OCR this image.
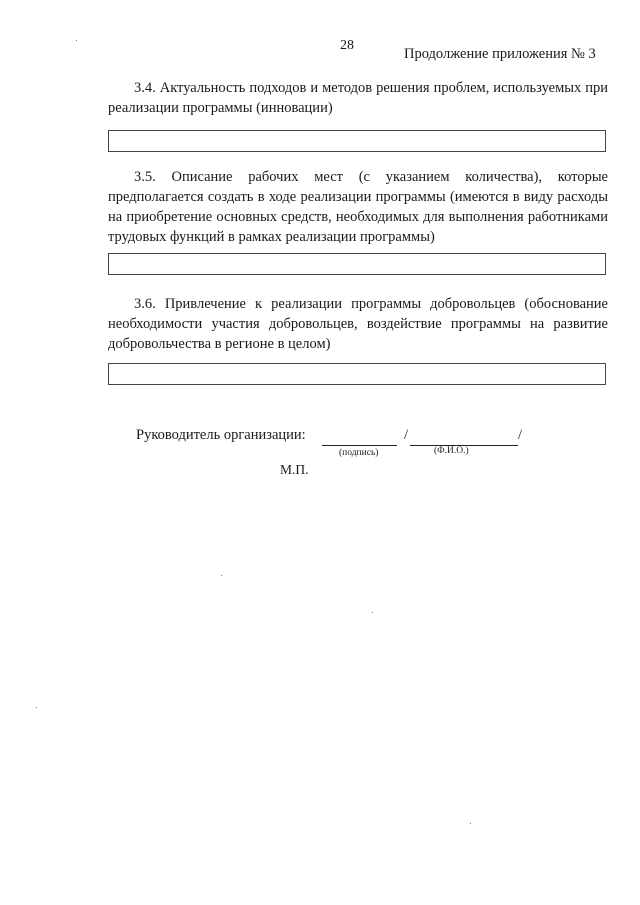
28
Продолжение приложения № 3
3.4. Актуальность подходов и методов решения проблем, используемых при реализации программы (инновации)
3.5. Описание рабочих мест (с указанием количества), которые предполагается создать в ходе реализации программы (имеются в виду расходы на приобретение основных средств, необходимых для выполнения работниками трудовых функций в рамках реализации программы)
3.6. Привлечение к реализации программы добровольцев (обоснование необходимости участия добровольцев, воздействие программы на развитие добровольчества в регионе в целом)
Руководитель организации:	/	/
(подпись)	(Ф.И.О.)
М.П.
